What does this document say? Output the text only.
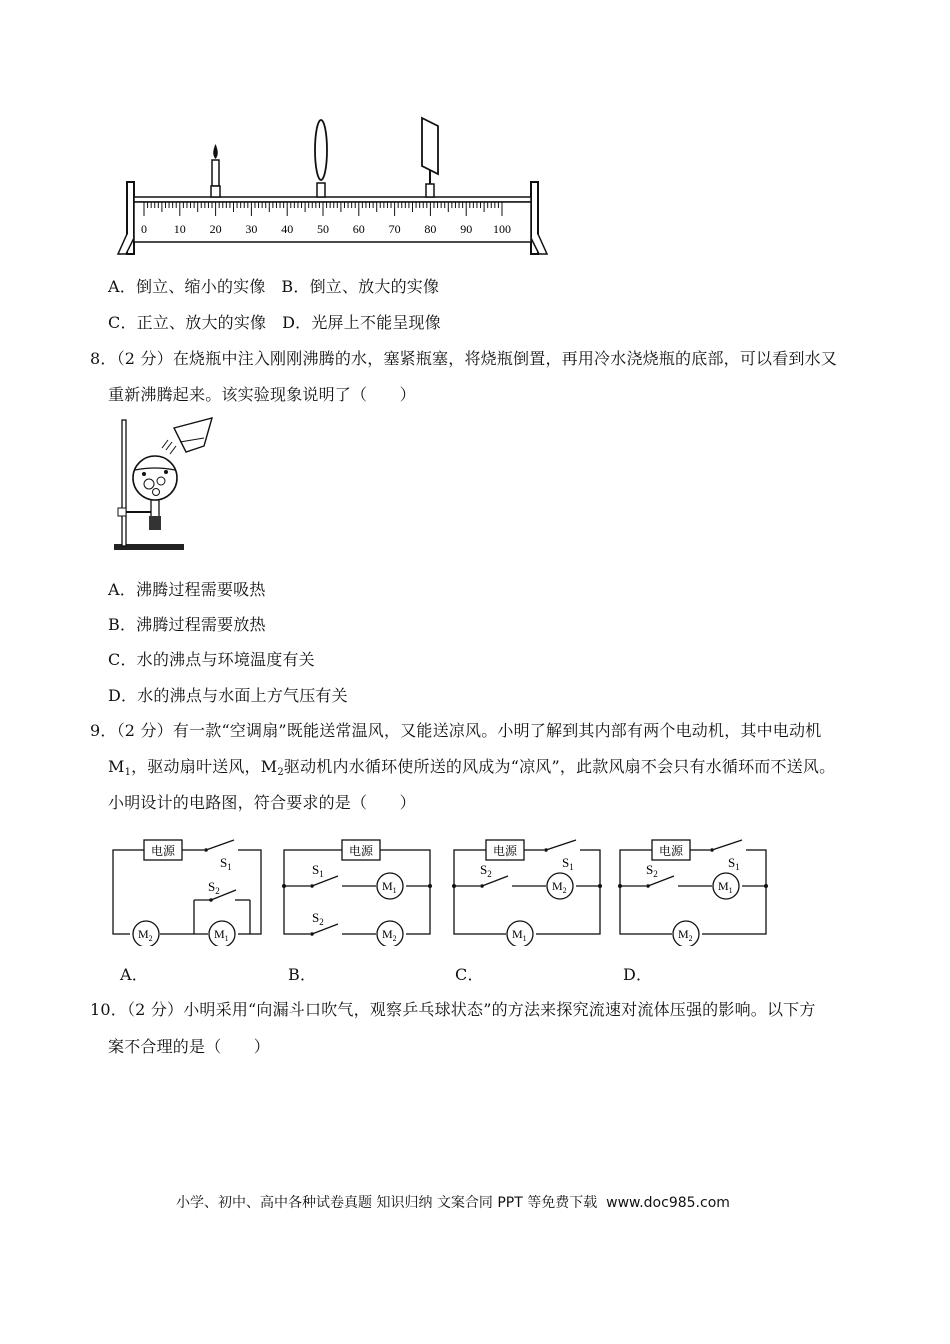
0 10 20 30 40 50 60 70 80 90 100
A．倒立、缩小的实像 B．倒立、放大的实像
C．正立、放大的实像 D．光屏上不能呈现像
8．（2 分）在烧瓶中注入刚刚沸腾的水，塞紧瓶塞，将烧瓶倒置，再用冷水浇烧瓶的底部，可以看到水又
重新沸腾起来。该实验现象说明了（　　）
A．沸腾过程需要吸热
B．沸腾过程需要放热
C．水的沸点与环境温度有关
D．水的沸点与水面上方气压有关
9．（2 分）有一款“空调扇”既能送常温风，又能送凉风。小明了解到其内部有两个电动机，其中电动机
$M_1$，驱动扇叶送风，$M_2$驱动机内水循环使所送的风成为“凉风”，此款风扇不会只有水循环而不送风。
小明设计的电路图，符合要求的是（　　）
电源
$S_1$
$M_2$
$S_2$
$M_1$
电源
$S_1$
$M_1$
$S_2$
$M_2$
电源
$S_1$
$S_2$
$M_2$
$M_1$
电源
$S_1$
$S_2$
$M_1$
$M_2$
A．	B．	C．	D．
10．（2 分）小明采用“向漏斗口吹气，观察乒乓球状态”的方法来探究流速对流体压强的影响。以下方
案不合理的是（　　）
小学、初中、高中各种试卷真题 知识归纳 文案合同 PPT 等免费下载 www.doc985.com
